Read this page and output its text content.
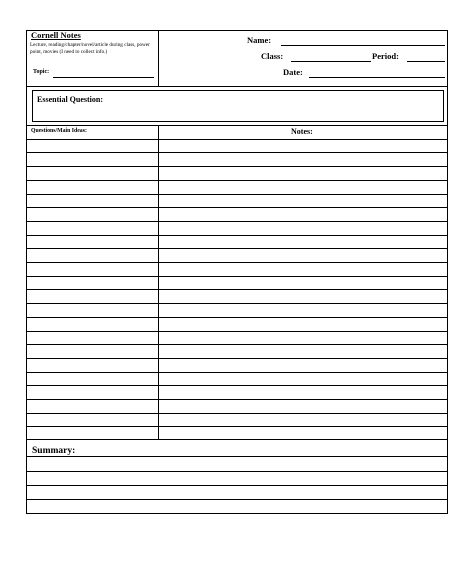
Cornell Notes
Lecture, reading/chapter/novel/article during class, power point, movies (I need to collect info.)
Topic:
Name:
Class:	Period:
Date:
Essential Question:
Questions/Main Ideas:	Notes:
Summary:
